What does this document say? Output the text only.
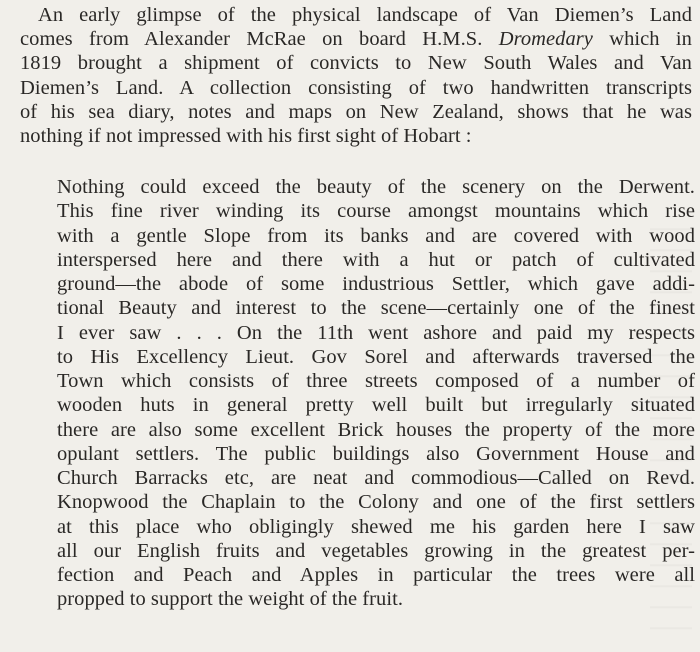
An early glimpse of the physical landscape of Van Diemen’s Land
comes from Alexander McRae on board H.M.S. Dromedary which in
1819 brought a shipment of convicts to New South Wales and Van
Diemen’s Land. A collection consisting of two handwritten transcripts
of his sea diary, notes and maps on New Zealand, shows that he was
nothing if not impressed with his first sight of Hobart :
Nothing could exceed the beauty of the scenery on the Derwent.
This fine river winding its course amongst mountains which rise
with a gentle Slope from its banks and are covered with wood
interspersed here and there with a hut or patch of cultivated
ground—the abode of some industrious Settler, which gave addi-
tional Beauty and interest to the scene—certainly one of the finest
I ever saw . . . On the 11th went ashore and paid my respects
to His Excellency Lieut. Gov Sorel and afterwards traversed the
Town which consists of three streets composed of a number of
wooden huts in general pretty well built but irregularly situated
there are also some excellent Brick houses the property of the more
opulant settlers. The public buildings also Government House and
Church Barracks etc, are neat and commodious—Called on Revd.
Knopwood the Chaplain to the Colony and one of the first settlers
at this place who obligingly shewed me his garden here I saw
all our English fruits and vegetables growing in the greatest per-
fection and Peach and Apples in particular the trees were all
propped to support the weight of the fruit.
